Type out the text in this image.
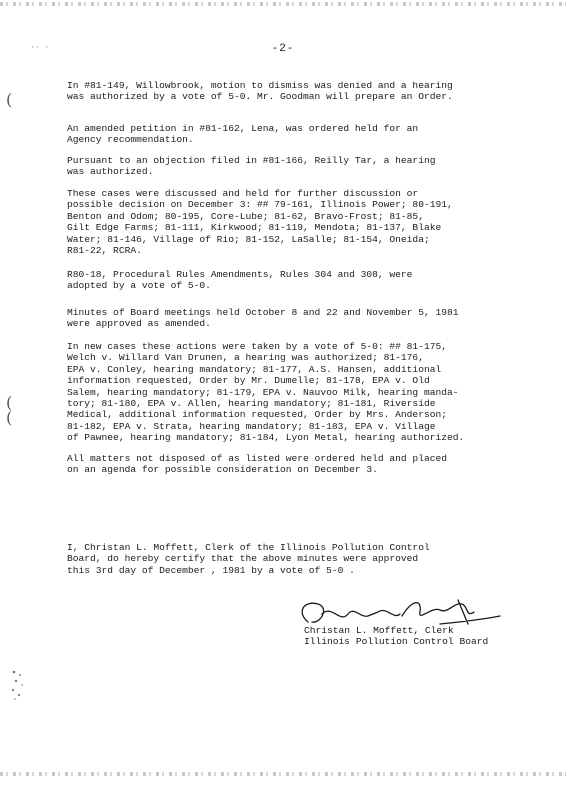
·· ·	-2-
(
(
(

In #81-149, Willowbrook, motion to dismiss was denied and a hearing
was authorized by a vote of 5-0. Mr. Goodman will prepare an Order.

An amended petition in #81-162, Lena, was ordered held for an
Agency recommendation.

Pursuant to an objection filed in #81-166, Reilly Tar, a hearing
was authorized.

These cases were discussed and held for further discussion or
possible decision on December 3: ## 79-161, Illinois Power; 80-191,
Benton and Odom; 80-195, Core-Lube; 81-62, Bravo-Frost; 81-85,
Gilt Edge Farms; 81-111, Kirkwood; 81-119, Mendota; 81-137, Blake
Water; 81-146, Village of Rio; 81-152, LaSalle; 81-154, Oneida;
R81-22, RCRA.

R80-18, Procedural Rules Amendments, Rules 304 and 308, were
adopted by a vote of 5-0.

Minutes of Board meetings held October 8 and 22 and November 5, 1981
were approved as amended.

In new cases these actions were taken by a vote of 5-0: ## 81-175,
Welch v. Willard Van Drunen, a hearing was authorized; 81-176,
EPA v. Conley, hearing mandatory; 81-177, A.S. Hansen, additional
information requested, Order by Mr. Dumelle; 81-178, EPA v. Old
Salem, hearing mandatory; 81-179, EPA v. Nauvoo Milk, hearing manda-
tory; 81-180, EPA v. Allen, hearing mandatory; 81-181, Riverside
Medical, additional information requested, Order by Mrs. Anderson;
81-182, EPA v. Strata, hearing mandatory; 81-183, EPA v. Village
of Pawnee, hearing mandatory; 81-184, Lyon Metal, hearing authorized.

All matters not disposed of as listed were ordered held and placed
on an agenda for possible consideration on December 3.

I, Christan L. Moffett, Clerk of the Illinois Pollution Control
Board, do hereby certify that the above minutes were approved
this 3rd day of December , 1981 by a vote of 5-0 .

Christan L. Moffett, Clerk
Illinois Pollution Control Board
